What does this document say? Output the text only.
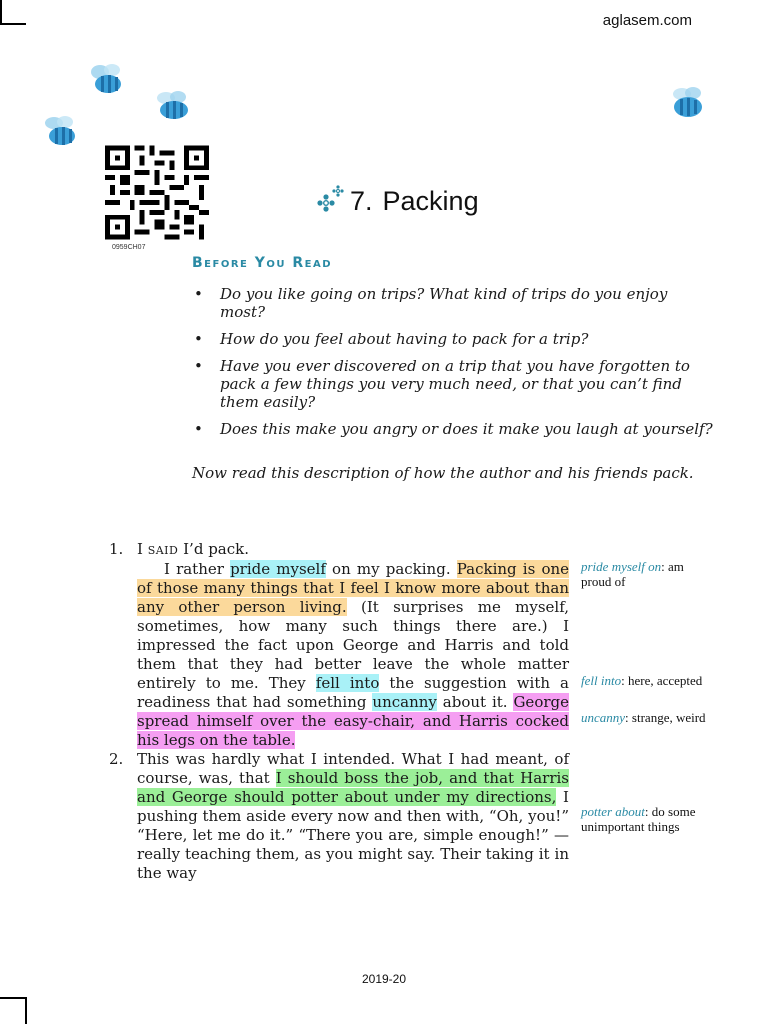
aglasem.com
0959CH07
7. Packing
Before You Read
• Do you like going on trips? What kind of trips do you enjoy most?
• How do you feel about having to pack for a trip?
• Have you ever discovered on a trip that you have forgotten to pack a few things you very much need, or that you can’t find them easily?
• Does this make you angry or does it make you laugh at yourself?
Now read this description of how the author and his friends pack.
1. I SAID I’d pack.
I rather pride myself on my packing. Packing is one of those many things that I feel I know more about than any other person living. (It surprises me myself, sometimes, how many such things there are.) I impressed the fact upon George and Harris and told them that they had better leave the whole matter entirely to me. They fell into the suggestion with a readiness that had something uncanny about it. George spread himself over the easy-chair, and Harris cocked his legs on the table.
2. This was hardly what I intended. What I had meant, of course, was, that I should boss the job, and that Harris and George should potter about under my directions, I pushing them aside every now and then with, “Oh, you!” “Here, let me do it.” “There you are, simple enough!” — really teaching them, as you might say. Their taking it in the way
pride myself on: am proud of
fell into: here, accepted
uncanny: strange, weird
potter about: do some unimportant things
2019-20
